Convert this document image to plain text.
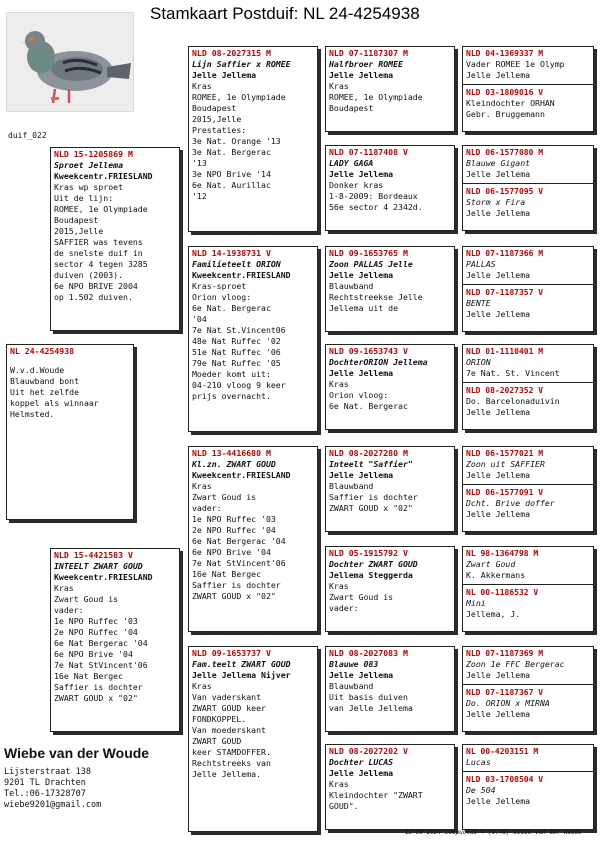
Stamkaart Postduif: NL 24-4254938
duif_022
NL 24-4254938
W.v.d.Woude
Blauwband bont
Uit het zelfde
koppel als winnaar
Helmsted.
NLD 15-1205869 M
Sproet Jellema
Kweekcentr.FRIESLAND
Kras wp sproet
Uit de lijn:
ROMEE, 1e Olympiade
Boudapest
2015,Jelle
SAFFIER was tevens
de snelste duif in
sector 4 tegen 3285
duiven (2003).
6e NPO BRIVE 2004
op 1.502 duiven.
NLD 15-4421583 V
INTEELT ZWART GOUD
Kweekcentr.FRIESLAND
Kras
Zwart Goud is
vader:
1e NPO Ruffec '03
2e NPO Ruffec '04
6e Nat Bergerac '04
6e NPO Brive '04
7e Nat StVincent'06
16e Nat Bergec
Saffier is dochter
ZWART GOUD x "02"
NLD 08-2027315 M
Lijn Saffier x ROMEE
Jelle Jellema
Kras
ROMEE, 1e Olympiade
Boudapest
2015,Jelle
Prestaties:
3e Nat. Orange '13
3e Nat. Bergerac
'13
3e NPO Brive '14
6e Nat. Aurillac
'12
NLD 14-1938731 V
Familieteelt ORION
Kweekcentr.FRIESLAND
Kras-sproet
Orion vloog:
6e Nat. Bergerac
'04
7e Nat St.Vincent06
48e Nat Ruffec '02
51e Nat Ruffec '06
79e Nat Ruffec '05
Moeder komt uit:
04-210 vloog 9 keer
prijs overnacht.
NLD 13-4416680 M
Kl.zn. ZWART GOUD
Kweekcentr.FRIESLAND
Kras
Zwart Goud is
vader:
1e NPO Ruffec '03
2e NPO Ruffec '04
6e Nat Bergerac '04
6e NPO Brive '04
7e Nat StVincent'06
16e Nat Bergec
Saffier is dochter
ZWART GOUD x "02"
NLD 09-1653737 V
Fam.teelt ZWART GOUD
Jelle Jellema Nijver
Kras
Van vaderskant
ZWART GOUD keer
FONDKOPPEL.
Van moederskant
ZWART GOUD
keer STAMDOFFER.
Rechtstreeks van
Jelle Jellema.
NLD 07-1187307 M
Halfbroer ROMEE
Jelle Jellema
Kras
ROMEE, 1e Olympiade
Boudapest
NLD 07-1187408 V
LADY GAGA
Jelle Jellema
Donker kras
1-8-2009: Bordeaux
56e sector 4 2342d.
NLD 09-1653765 M
Zoon PALLAS Jelle
Jelle Jellema
Blauwband
Rechtstreekse Jelle
Jellema uit de
NLD 09-1653743 V
DochterORION Jellema
Jelle Jellema
Kras
Orion vloog:
6e Nat. Bergerac
NLD 08-2027280 M
Inteelt "Saffier"
Jelle Jellema
Blauwband
Saffier is dochter
ZWART GOUD x "02"
NLD 05-1915792 V
Dochter ZWART GOUD
Jellema Steggerda
Kras
Zwart Goud is
vader:
NLD 08-2027083 M
Blauwe 083
Jelle Jellema
Blauwband
Uit basis duiven
van Jelle Jellema
NLD 08-2027202 V
Dochter LUCAS
Jelle Jellema
Kras
Kleindochter "ZWART
GOUD".
NLD 04-1369337 M
Vader ROMEE 1e Olymp
Jelle Jellema
NLD 03-1809016 V
Kleindochter ORHAN
Gebr. Bruggemann
NLD 06-1577080 M
Blauwe Gigant
Jelle Jellema
NLD 06-1577095 V
Storm x Fira
Jelle Jellema
NLD 07-1187366 M
PALLAS
Jelle Jellema
NLD 07-1187357 V
BENTE
Jelle Jellema
NLD 01-1110401 M
ORION
7e Nat. St. Vincent
NLD 08-2027352 V
Do. Barcelonaduivin
Jelle Jellema
NLD 06-1577021 M
Zoon uit SAFFIER
Jelle Jellema
NLD 06-1577091 V
Dcht. Brive doffer
Jelle Jellema
NL 98-1364798 M
Zwart Goud
K. Akkermans
NL 00-1186532 V
Mini
Jellema, J.
NLD 07-1187369 M
Zoon 1e FFC Bergerac
Jelle Jellema
NLD 07-1187367 V
Do. ORION x MIRNA
Jelle Jellema
NL 00-4203151 M
Lucas
NLD 03-1708504 V
De 504
Jelle Jellema
Wiebe van der Woude
Lijsterstraat 138
9201 TL Drachten
Tel.:06-17328707
wiebe9201@gmail.com
12-09-2024 Compuclub © [9.46] Wiebe van der Woude
